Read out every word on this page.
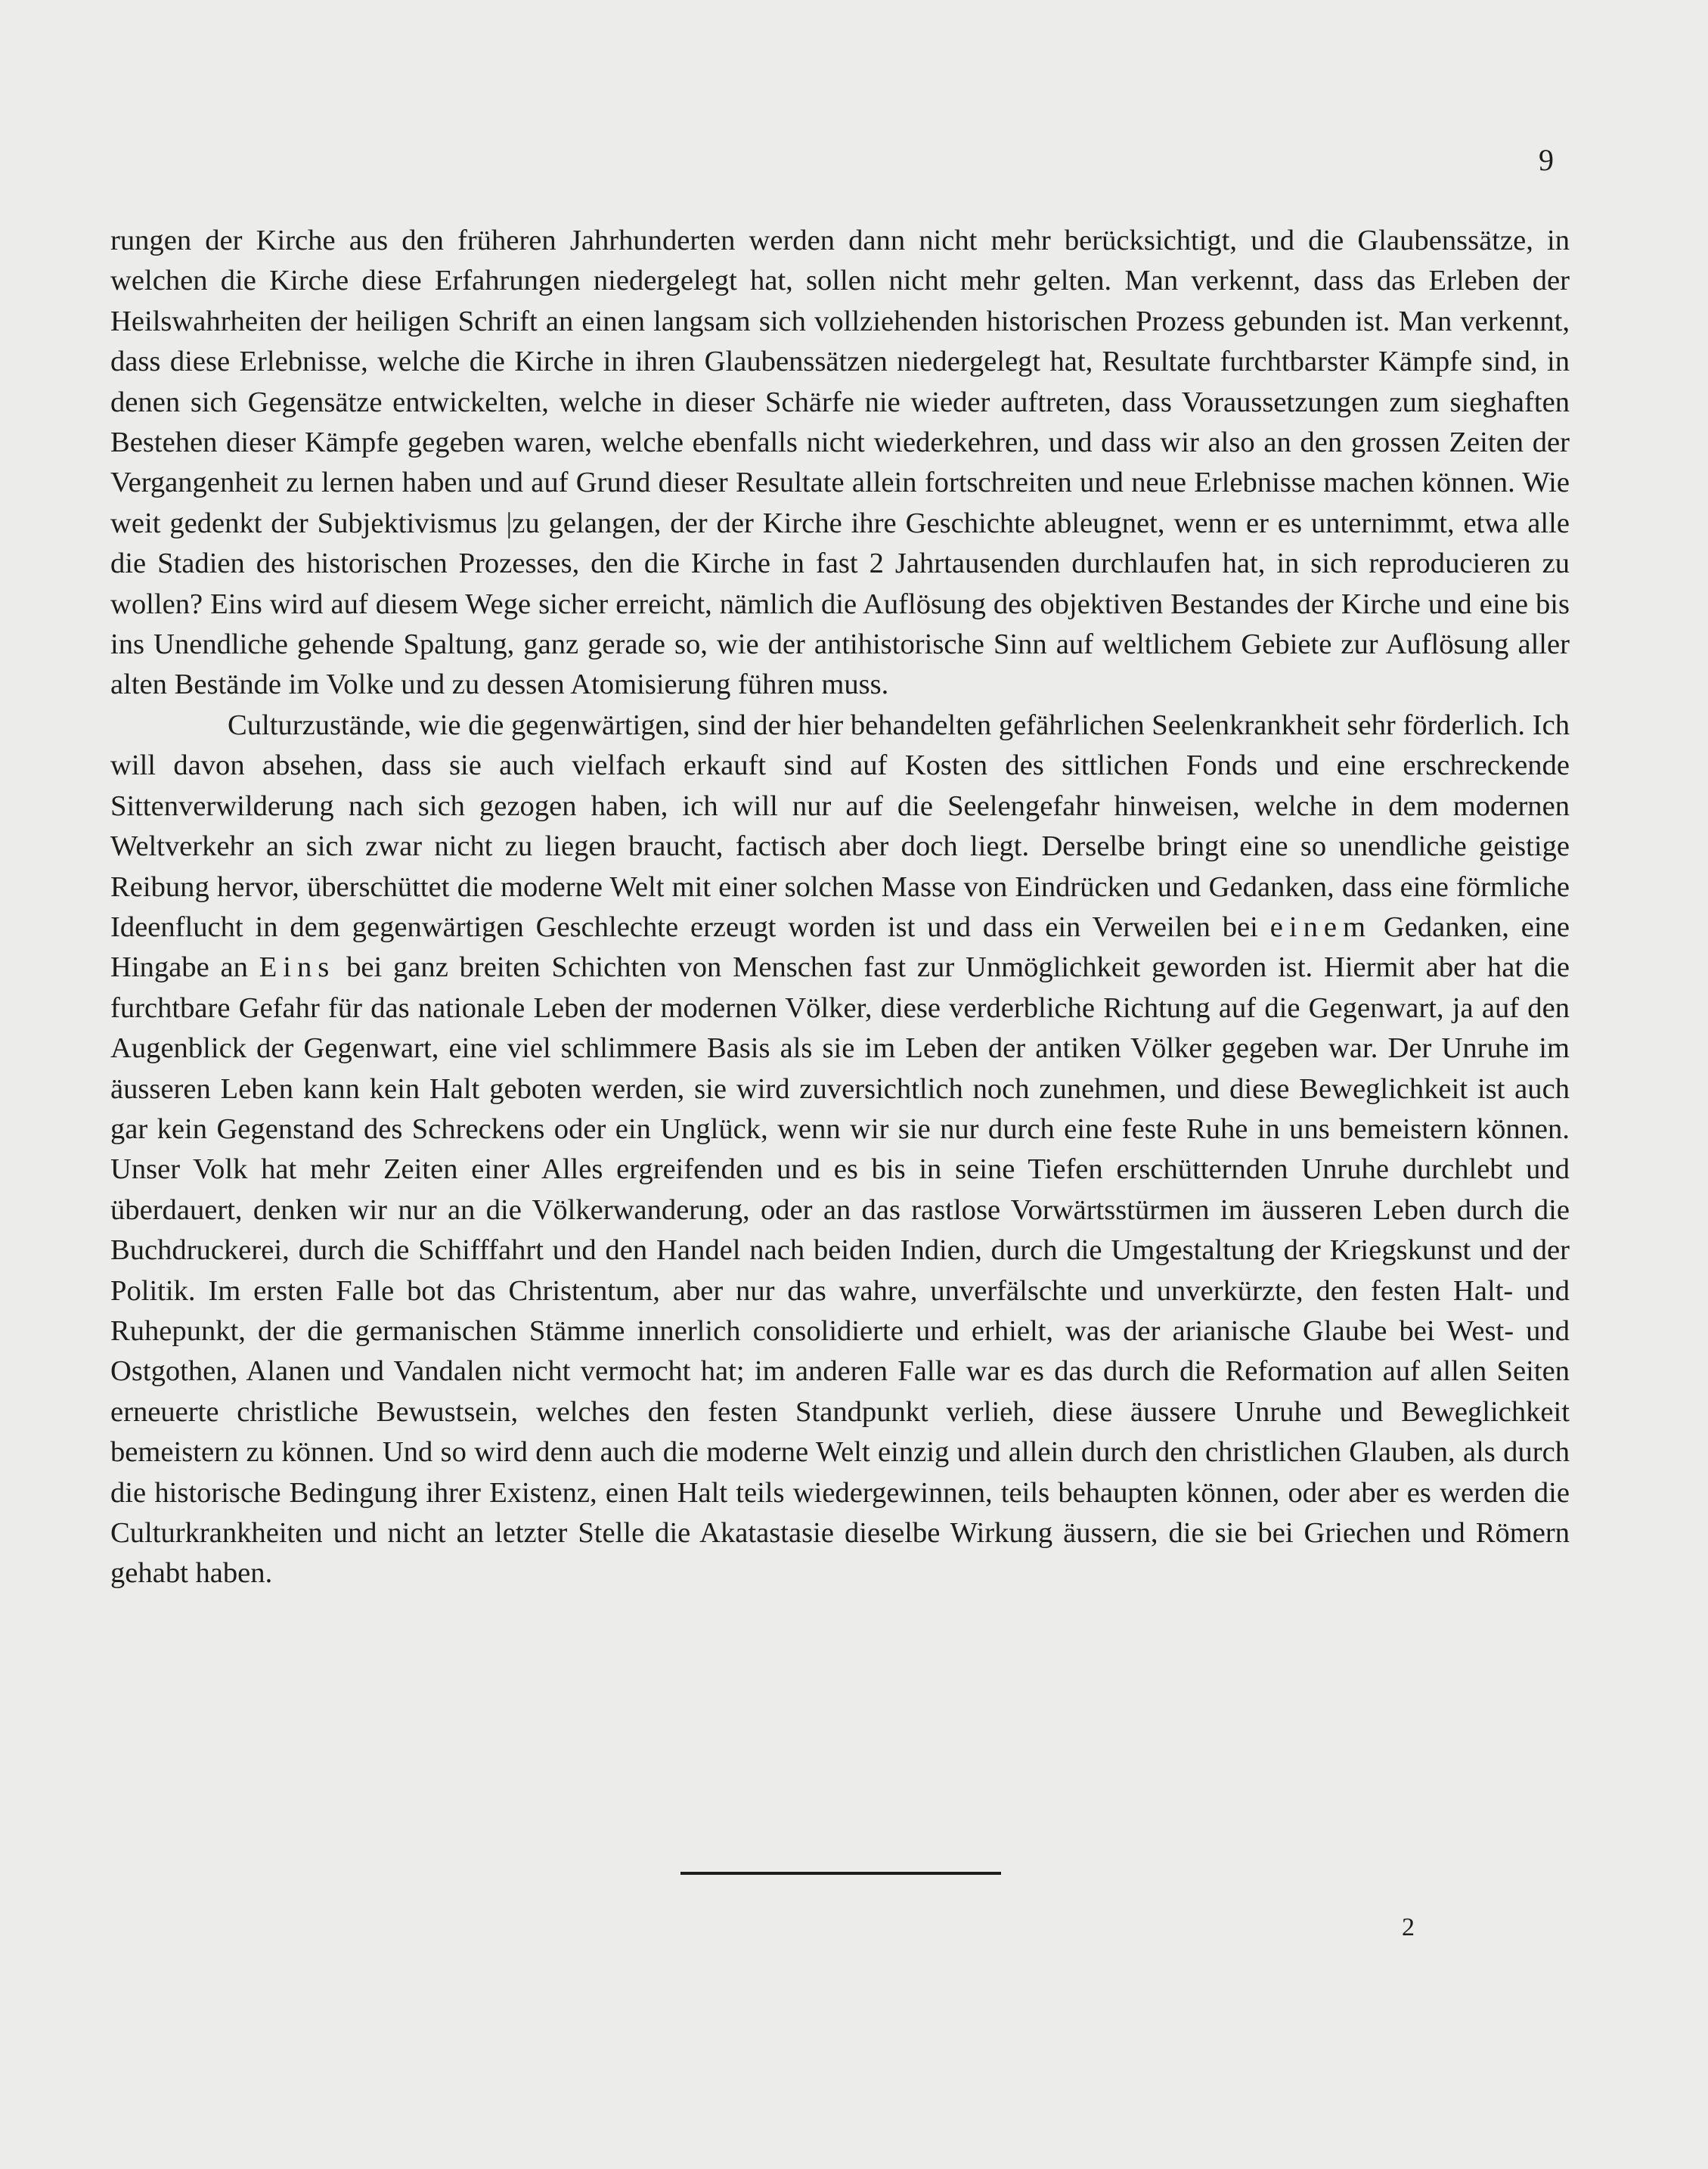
9

rungen der Kirche aus den früheren Jahrhunderten werden dann nicht mehr berücksichtigt, und die Glaubenssätze, in welchen die Kirche diese Erfahrungen niedergelegt hat, sollen nicht mehr gelten. Man verkennt, dass das Erleben der Heilswahrheiten der heiligen Schrift an einen langsam sich vollziehenden historischen Prozess gebunden ist. Man verkennt, dass diese Erlebnisse, welche die Kirche in ihren Glaubenssätzen niedergelegt hat, Resultate furchtbarster Kämpfe sind, in denen sich Gegensätze entwickelten, welche in dieser Schärfe nie wieder auftreten, dass Voraussetzungen zum sieghaften Bestehen dieser Kämpfe gegeben waren, welche ebenfalls nicht wiederkehren, und dass wir also an den grossen Zeiten der Vergangenheit zu lernen haben und auf Grund dieser Resultate allein fortschreiten und neue Erlebnisse machen können. Wie weit gedenkt der Subjektivismus |zu gelangen, der der Kirche ihre Geschichte ableugnet, wenn er es unternimmt, etwa alle die Stadien des historischen Prozesses, den die Kirche in fast 2 Jahrtausenden durchlaufen hat, in sich reproducieren zu wollen? Eins wird auf diesem Wege sicher erreicht, nämlich die Auflösung des objektiven Bestandes der Kirche und eine bis ins Unendliche gehende Spaltung, ganz gerade so, wie der antihistorische Sinn auf weltlichem Gebiete zur Auflösung aller alten Bestände im Volke und zu dessen Atomisierung führen muss.

Culturzustände, wie die gegenwärtigen, sind der hier behandelten gefährlichen Seelenkrankheit sehr förderlich. Ich will davon absehen, dass sie auch vielfach erkauft sind auf Kosten des sittlichen Fonds und eine erschreckende Sittenverwilderung nach sich gezogen haben, ich will nur auf die Seelengefahr hinweisen, welche in dem modernen Weltverkehr an sich zwar nicht zu liegen braucht, factisch aber doch liegt. Derselbe bringt eine so unendliche geistige Reibung hervor, überschüttet die moderne Welt mit einer solchen Masse von Eindrücken und Gedanken, dass eine förmliche Ideenflucht in dem gegenwärtigen Geschlechte erzeugt worden ist und dass ein Verweilen bei einem Gedanken, eine Hingabe an Eins bei ganz breiten Schichten von Menschen fast zur Unmöglichkeit geworden ist. Hiermit aber hat die furchtbare Gefahr für das nationale Leben der modernen Völker, diese verderbliche Richtung auf die Gegenwart, ja auf den Augenblick der Gegenwart, eine viel schlimmere Basis als sie im Leben der antiken Völker gegeben war. Der Unruhe im äusseren Leben kann kein Halt geboten werden, sie wird zuversichtlich noch zunehmen, und diese Beweglichkeit ist auch gar kein Gegenstand des Schreckens oder ein Unglück, wenn wir sie nur durch eine feste Ruhe in uns bemeistern können. Unser Volk hat mehr Zeiten einer Alles ergreifenden und es bis in seine Tiefen erschütternden Unruhe durchlebt und überdauert, denken wir nur an die Völkerwanderung, oder an das rastlose Vorwärtsstürmen im äusseren Leben durch die Buchdruckerei, durch die Schifffahrt und den Handel nach beiden Indien, durch die Umgestaltung der Kriegskunst und der Politik. Im ersten Falle bot das Christentum, aber nur das wahre, unverfälschte und unverkürzte, den festen Halt- und Ruhepunkt, der die germanischen Stämme innerlich consolidierte und erhielt, was der arianische Glaube bei West- und Ostgothen, Alanen und Vandalen nicht vermocht hat; im anderen Falle war es das durch die Reformation auf allen Seiten erneuerte christliche Bewustsein, welches den festen Standpunkt verlieh, diese äussere Unruhe und Beweglichkeit bemeistern zu können. Und so wird denn auch die moderne Welt einzig und allein durch den christlichen Glauben, als durch die historische Bedingung ihrer Existenz, einen Halt teils wiedergewinnen, teils behaupten können, oder aber es werden die Culturkrankheiten und nicht an letzter Stelle die Akatastasie dieselbe Wirkung äussern, die sie bei Griechen und Römern gehabt haben.

2
